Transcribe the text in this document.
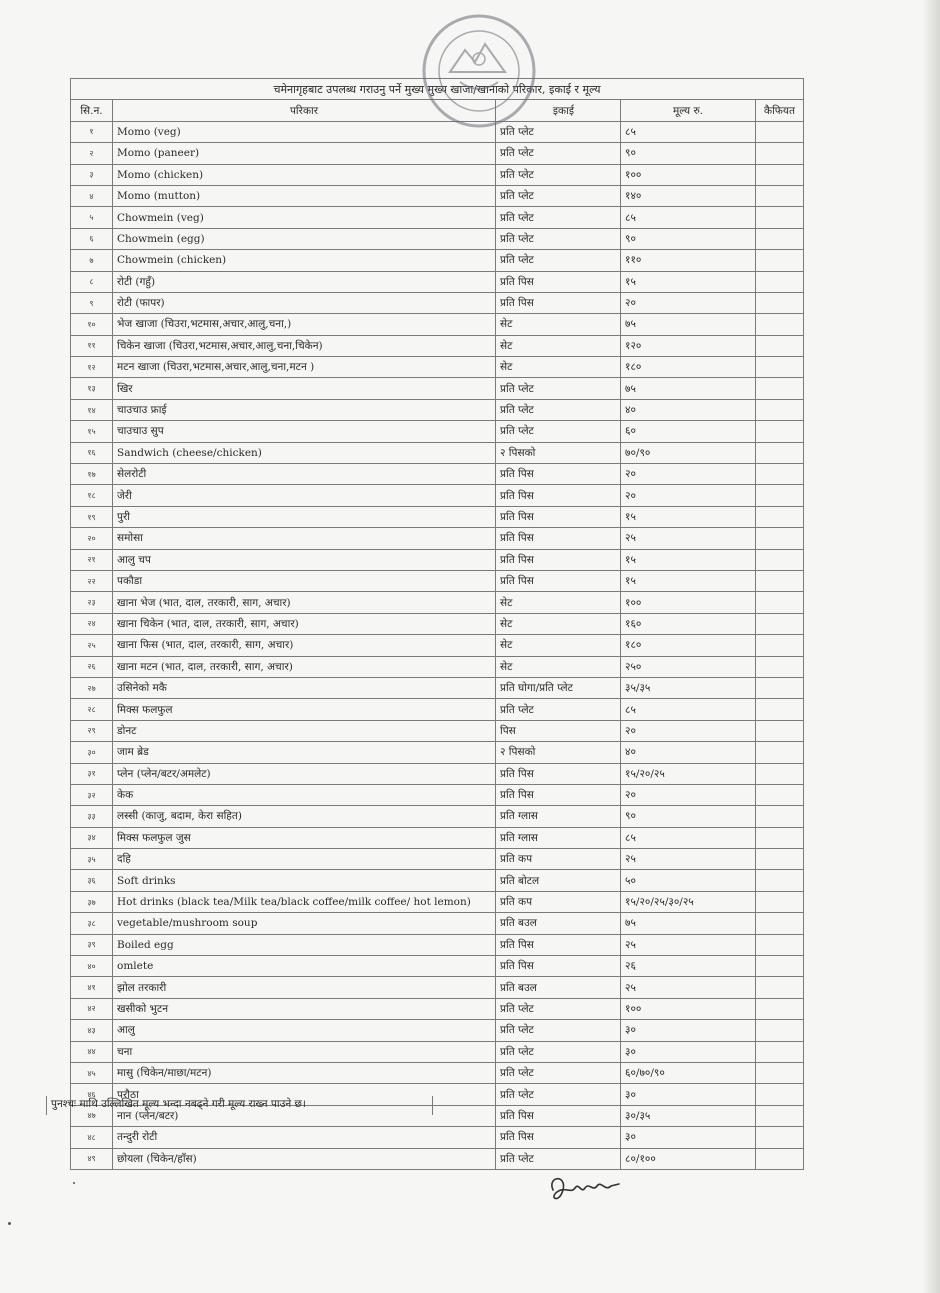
चमेनागृहबाट उपलब्ध गराउनु पर्ने मुख्य मुख्य खाजा/खानाको परिकार, इकाई र मूल्य				
सि.न.	परिकार	इकाई	मूल्य रु.	कैफियत
१	Momo (veg)	प्रति प्लेट	८५	
२	Momo (paneer)	प्रति प्लेट	९०	
३	Momo (chicken)	प्रति प्लेट	१००	
४	Momo (mutton)	प्रति प्लेट	१४०	
५	Chowmein (veg)	प्रति प्लेट	८५	
६	Chowmein (egg)	प्रति प्लेट	९०	
७	Chowmein (chicken)	प्रति प्लेट	११०	
८	रोटी (गहुँ)	प्रति पिस	१५	
९	रोटी (फापर)	प्रति पिस	२०	
१०	भेज खाजा (चिउरा,भटमास,अचार,आलु,चना,)	सेट	७५	
११	चिकेन खाजा (चिउरा,भटमास,अचार,आलु,चना,चिकेन)	सेट	१२०	
१२	मटन खाजा (चिउरा,भटमास,अचार,आलु,चना,मटन )	सेट	१८०	
१३	खिर	प्रति प्लेट	७५	
१४	चाउचाउ फ्राई	प्रति प्लेट	४०	
१५	चाउचाउ सुप	प्रति प्लेट	६०	
१६	Sandwich (cheese/chicken)	२ पिसको	७०/९०	
१७	सेलरोटी	प्रति पिस	२०	
१८	जेरी	प्रति पिस	२०	
१९	पुरी	प्रति पिस	१५	
२०	समोसा	प्रति पिस	२५	
२१	आलु चप	प्रति पिस	१५	
२२	पकौडा	प्रति पिस	१५	
२३	खाना भेज (भात, दाल, तरकारी, साग, अचार)	सेट	१००	
२४	खाना चिकेन (भात, दाल, तरकारी, साग, अचार)	सेट	१६०	
२५	खाना फिस (भात, दाल, तरकारी, साग, अचार)	सेट	१८०	
२६	खाना मटन (भात, दाल, तरकारी, साग, अचार)	सेट	२५०	
२७	उसिनेको मकै	प्रति घोगा/प्रति प्लेट	३५/३५	
२८	मिक्स फलफुल	प्रति प्लेट	८५	
२९	डोनट	पिस	२०	
३०	जाम ब्रेड	२ पिसको	४०	
३१	प्लेन (प्लेन/बटर/अमलेट)	प्रति पिस	१५/२०/२५	
३२	केक	प्रति पिस	२०	
३३	लस्सी (काजु, बदाम, केरा सहित)	प्रति ग्लास	९०	
३४	मिक्स फलफुल जुस	प्रति ग्लास	८५	
३५	दहि	प्रति कप	२५	
३६	Soft drinks	प्रति बोटल	५०	
३७	Hot drinks (black tea/Milk tea/black coffee/milk coffee/ hot lemon)	प्रति कप	१५/२०/२५/३०/२५	
३८	vegetable/mushroom soup	प्रति बउल	७५	
३९	Boiled egg	प्रति पिस	२५	
४०	omlete	प्रति पिस	२६	
४१	झोल तरकारी	प्रति बउल	२५	
४२	खसीको भुटन	प्रति प्लेट	१००	
४३	आलु	प्रति प्लेट	३०	
४४	चना	प्रति प्लेट	३०	
४५	मासु (चिकेन/माछा/मटन)	प्रति प्लेट	६०/७०/९०	
४६	परौठा	प्रति प्लेट	३०	
४७	नान (प्लेन/बटर)	प्रति पिस	३०/३५	
४८	तन्दुरी रोटी	प्रति पिस	३०	
४९	छोयला (चिकेन/हाँस)	प्रति प्लेट	८०/१००	
पुनश्चः माथि उल्लिखित मूल्य भन्दा नबढ्ने गरी मूल्य राख्न पाउने छ।
